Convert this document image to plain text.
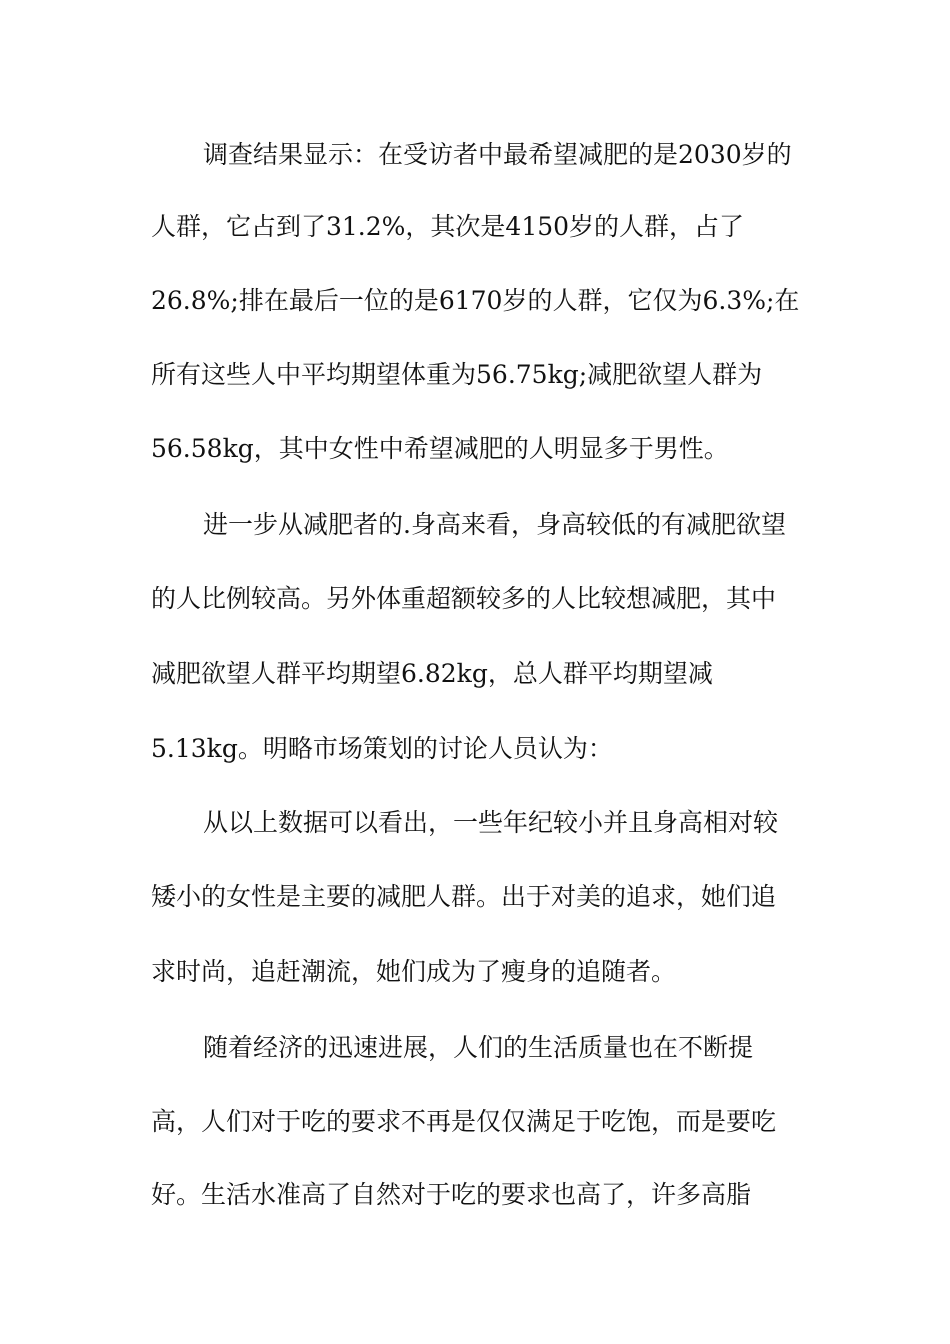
调查结果显示：在受访者中最希望减肥的是2030岁的
人群，它占到了31.2%，其次是4150岁的人群，占了
26.8%;排在最后一位的是6170岁的人群，它仅为6.3%;在
所有这些人中平均期望体重为56.75kg;减肥欲望人群为
56.58kg，其中女性中希望减肥的人明显多于男性。
进一步从减肥者的.身高来看，身高较低的有减肥欲望
的人比例较高。另外体重超额较多的人比较想减肥，其中
减肥欲望人群平均期望6.82kg，总人群平均期望减
5.13kg。明略市场策划的讨论人员认为：
从以上数据可以看出，一些年纪较小并且身高相对较
矮小的女性是主要的减肥人群。出于对美的追求，她们追
求时尚，追赶潮流，她们成为了瘦身的追随者。
随着经济的迅速进展，人们的生活质量也在不断提
高，人们对于吃的要求不再是仅仅满足于吃饱，而是要吃
好。生活水准高了自然对于吃的要求也高了，许多高脂
